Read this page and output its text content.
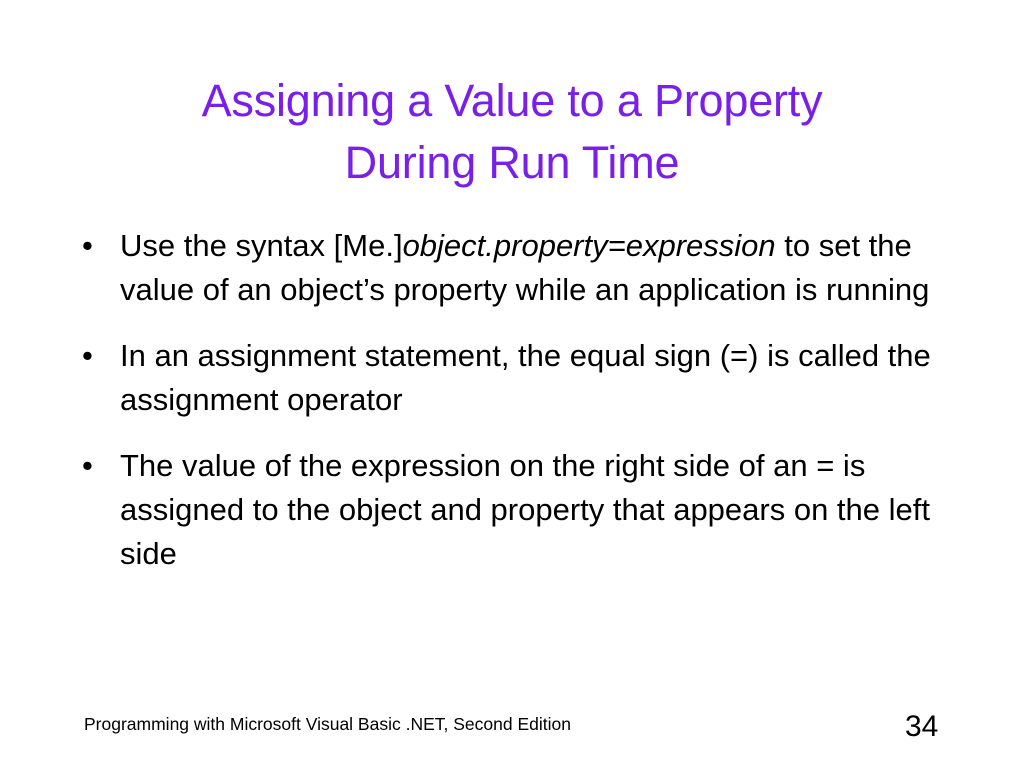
Assigning a Value to a Property
During Run Time
• Use the syntax [Me.]object.property=expression to set the value of an object’s property while an application is running
• In an assignment statement, the equal sign (=) is called the assignment operator
• The value of the expression on the right side of an = is assigned to the object and property that appears on the left side
Programming with Microsoft Visual Basic .NET, Second Edition	34
